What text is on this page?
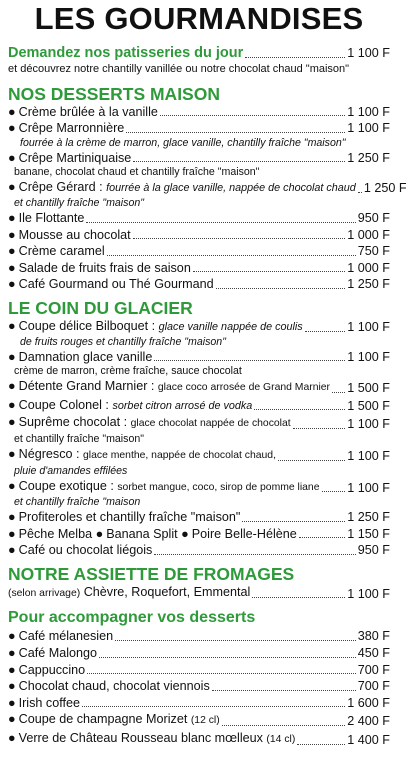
LES GOURMANDISES
Demandez nos patisseries du jour	1 100 F
et découvrez notre chantilly vanillée ou notre chocolat chaud "maison"
NOS DESSERTS MAISON
● Crème brûlée à la vanille	1 100 F
● Crêpe Marronnière	1 100 F
fourrée à la crème de marron, glace vanille, chantilly fraîche "maison"
● Crêpe Martiniquaise	1 250 F
banane, chocolat chaud et chantilly fraîche "maison"
● Crêpe Gérard : fourrée à la glace vanille, nappée de chocolat chaud 1 250 F
et chantilly fraîche "maison"
● Ile Flottante	950 F
● Mousse au chocolat	1 000 F
● Crème caramel	750 F
● Salade de fruits frais de saison	1 000 F
● Café Gourmand ou Thé Gourmand	1 250 F
LE COIN DU GLACIER
● Coupe délice Bilboquet : glace vanille nappée de coulis	1 100 F
de fruits rouges et chantilly fraîche "maison"
● Damnation glace vanille	1 100 F
crème de marron, crème fraîche, sauce chocolat
● Détente Grand Marnier : glace coco arrosée de Grand Marnier 1 500 F
● Coupe Colonel : sorbet citron arrosé de vodka	1 500 F
● Suprême chocolat : glace chocolat nappée de chocolat	1 100 F
et chantilly fraîche "maison"
● Négresco : glace menthe, nappée de chocolat chaud,	1 100 F
pluie d'amandes effilées
● Coupe exotique : sorbet mangue, coco, sirop de pomme liane 1 100 F
et chantilly fraîche "maison
● Profiteroles et chantilly fraîche "maison"	1 250 F
● Pêche Melba ● Banana Split ● Poire Belle-Hélène	1 150 F
● Café ou chocolat liégois	950 F
NOTRE ASSIETTE DE FROMAGES
(selon arrivage) Chèvre, Roquefort, Emmental	1 100 F
Pour accompagner vos desserts
● Café mélanesien	380 F
● Café Malongo	450 F
● Cappuccino	700 F
● Chocolat chaud, chocolat viennois	700 F
● Irish coffee	1 600 F
● Coupe de champagne Morizet (12 cl)	2 400 F
● Verre de Château Rousseau blanc mœlleux (14 cl)	1 400 F
